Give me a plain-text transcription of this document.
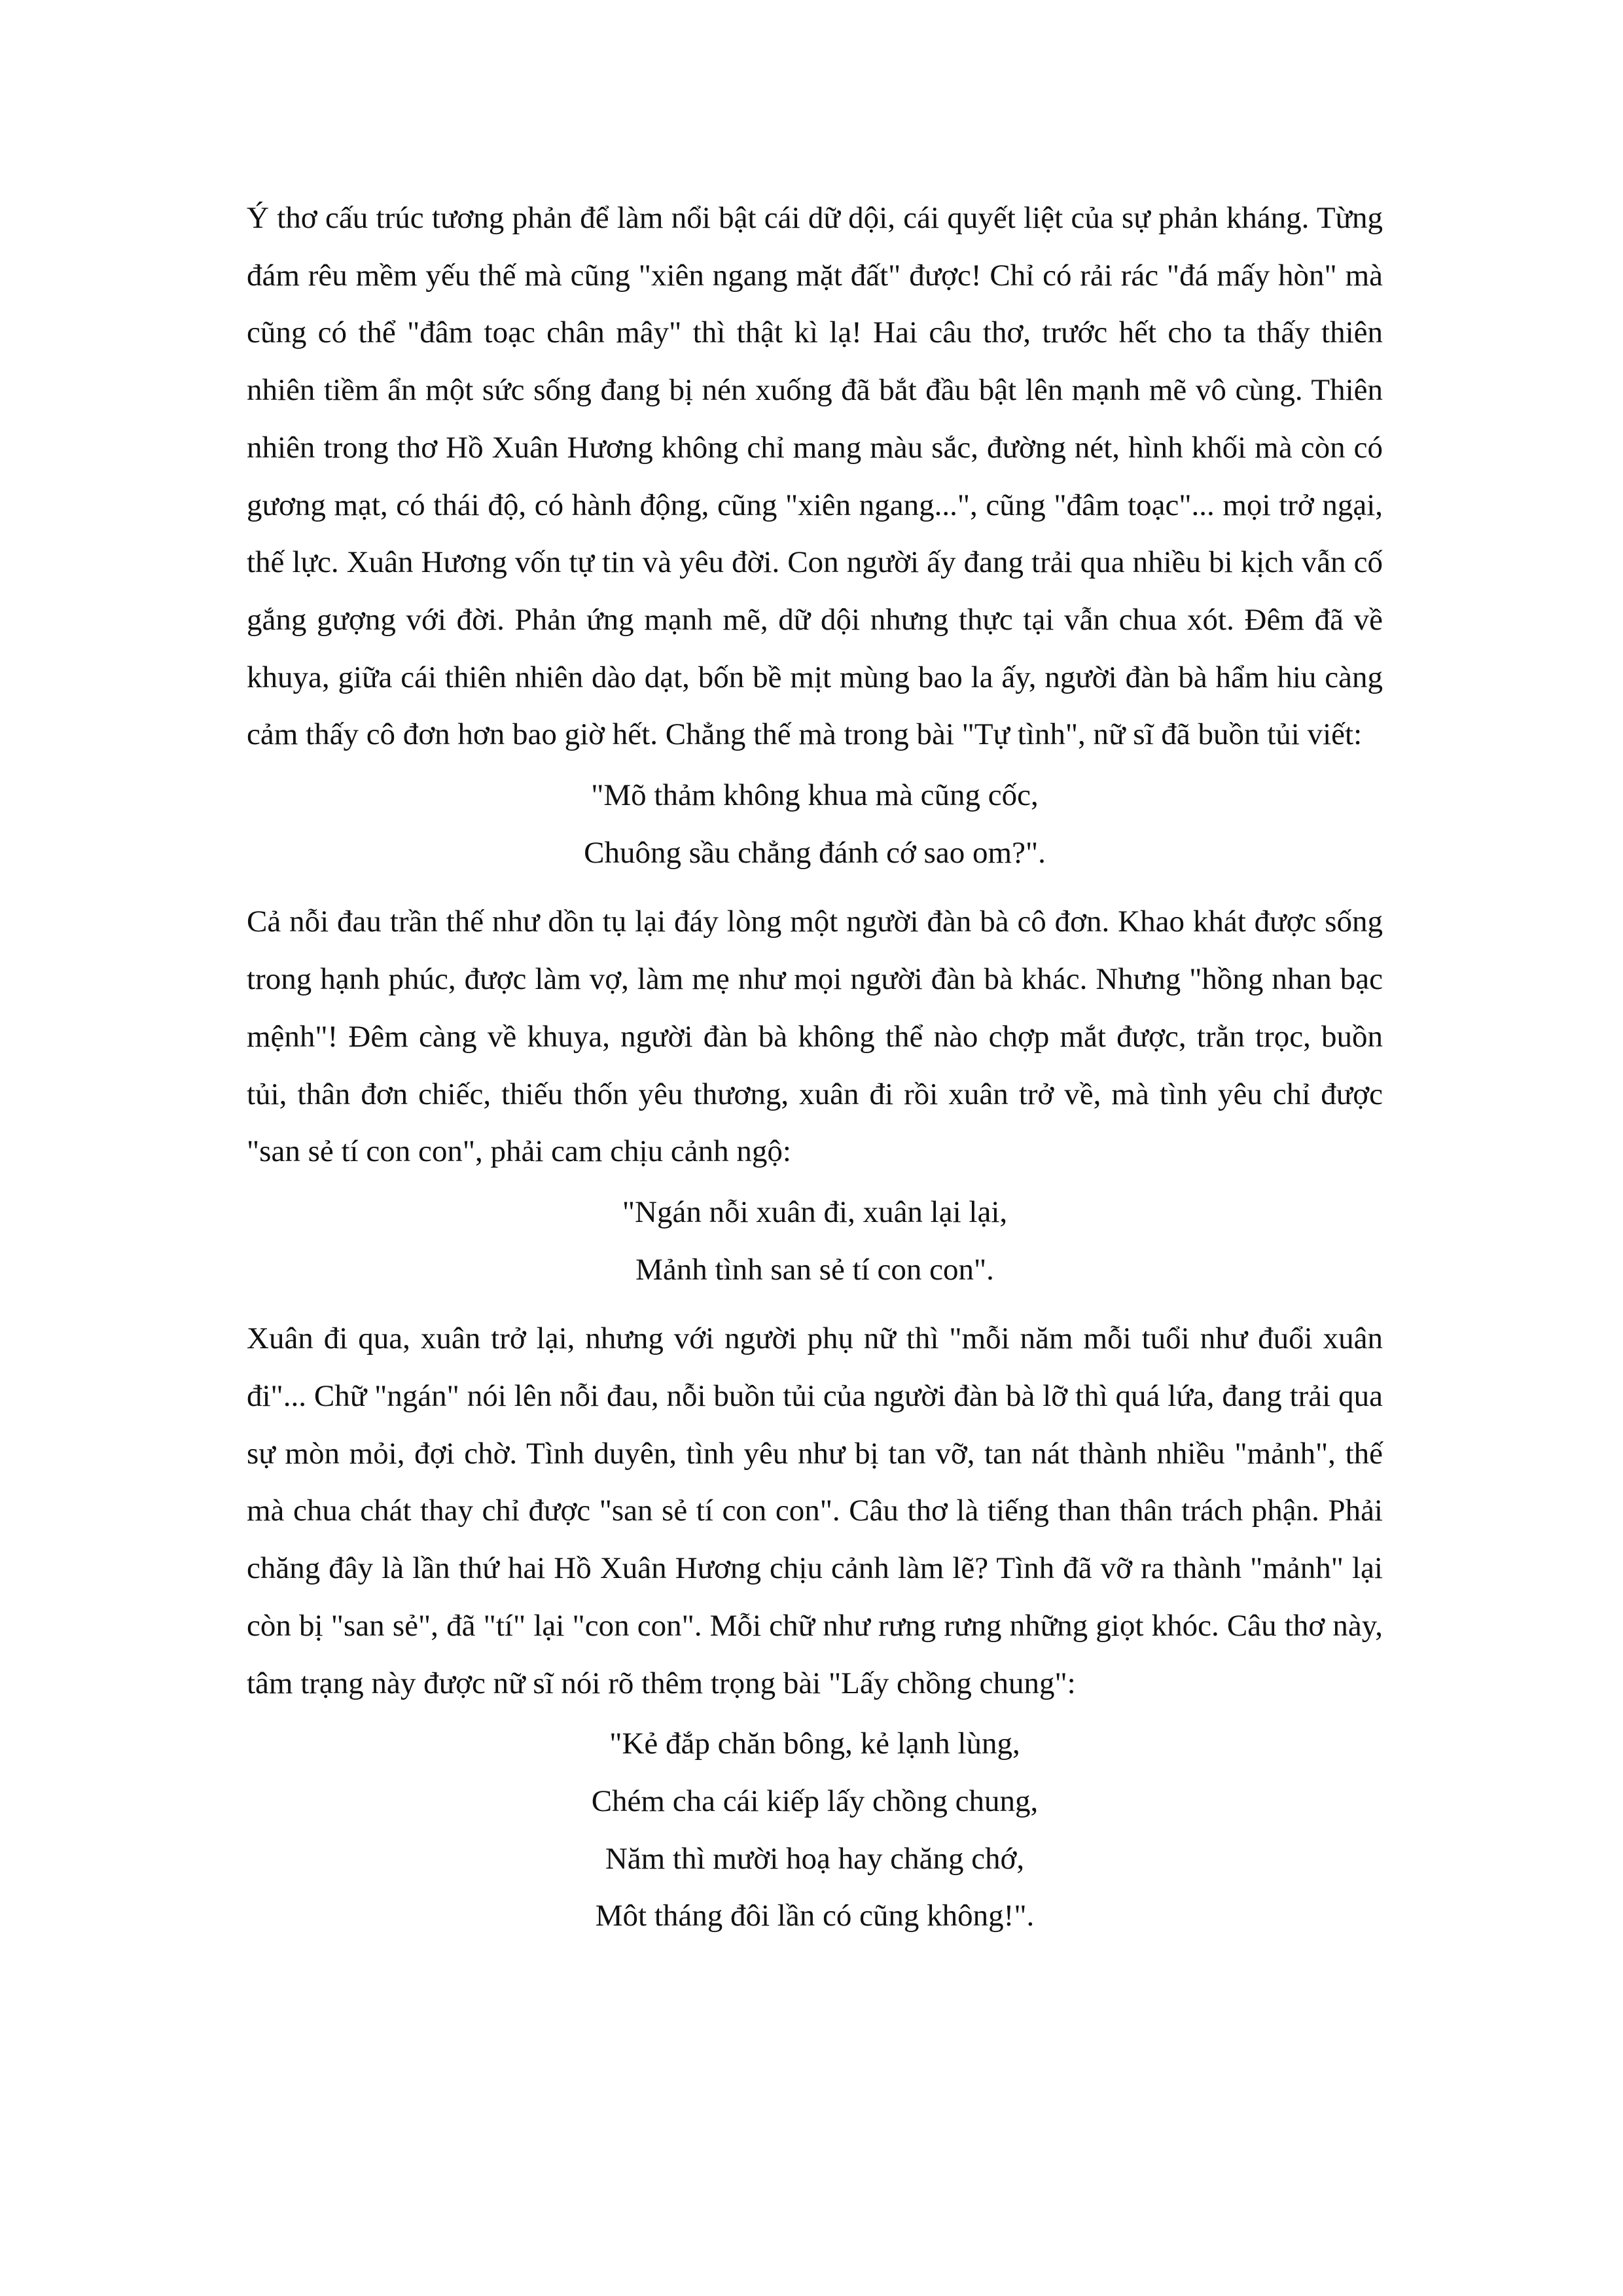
Ý thơ cấu trúc tương phản để làm nổi bật cái dữ dội, cái quyết liệt của sự phản kháng. Từng đám rêu mềm yếu thế mà cũng "xiên ngang mặt đất" được! Chỉ có rải rác "đá mấy hòn" mà cũng có thể "đâm toạc chân mây" thì thật kì lạ! Hai câu thơ, trước hết cho ta thấy thiên nhiên tiềm ẩn một sức sống đang bị nén xuống đã bắt đầu bật lên mạnh mẽ vô cùng. Thiên nhiên trong thơ Hồ Xuân Hương không chỉ mang màu sắc, đường nét, hình khối mà còn có gương mạt, có thái độ, có hành động, cũng "xiên ngang...", cũng "đâm toạc"... mọi trở ngại, thế lực. Xuân Hương vốn tự tin và yêu đời. Con người ấy đang trải qua nhiều bi kịch vẫn cố gắng gượng với đời. Phản ứng mạnh mẽ, dữ dội nhưng thực tại vẫn chua xót. Đêm đã về khuya, giữa cái thiên nhiên dào dạt, bốn bề mịt mùng bao la ấy, người đàn bà hẩm hiu càng cảm thấy cô đơn hơn bao giờ hết. Chẳng thế mà trong bài "Tự tình", nữ sĩ đã buồn tủi viết:

"Mõ thảm không khua mà cũng cốc,
Chuông sầu chẳng đánh cớ sao om?".

Cả nỗi đau trần thế như dồn tụ lại đáy lòng một người đàn bà cô đơn. Khao khát được sống trong hạnh phúc, được làm vợ, làm mẹ như mọi người đàn bà khác. Nhưng "hồng nhan bạc mệnh"! Đêm càng về khuya, người đàn bà không thể nào chợp mắt được, trằn trọc, buồn tủi, thân đơn chiếc, thiếu thốn yêu thương, xuân đi rồi xuân trở về, mà tình yêu chỉ được "san sẻ tí con con", phải cam chịu cảnh ngộ:

"Ngán nỗi xuân đi, xuân lại lại,
Mảnh tình san sẻ tí con con".

Xuân đi qua, xuân trở lại, nhưng với người phụ nữ thì "mỗi năm mỗi tuổi như đuổi xuân đi"... Chữ "ngán" nói lên nỗi đau, nỗi buồn tủi của người đàn bà lỡ thì quá lứa, đang trải qua sự mòn mỏi, đợi chờ. Tình duyên, tình yêu như bị tan vỡ, tan nát thành nhiều "mảnh", thế mà chua chát thay chỉ được "san sẻ tí con con". Câu thơ là tiếng than thân trách phận. Phải chăng đây là lần thứ hai Hồ Xuân Hương chịu cảnh làm lẽ? Tình đã vỡ ra thành "mảnh" lại còn bị "san sẻ", đã "tí" lại "con con". Mỗi chữ như rưng rưng những giọt khóc. Câu thơ này, tâm trạng này được nữ sĩ nói rõ thêm trọng bài "Lấy chồng chung":

"Kẻ đắp chăn bông, kẻ lạnh lùng,
Chém cha cái kiếp lấy chồng chung,
Năm thì mười hoạ hay chăng chớ,
Môt tháng đôi lần có cũng không!".
